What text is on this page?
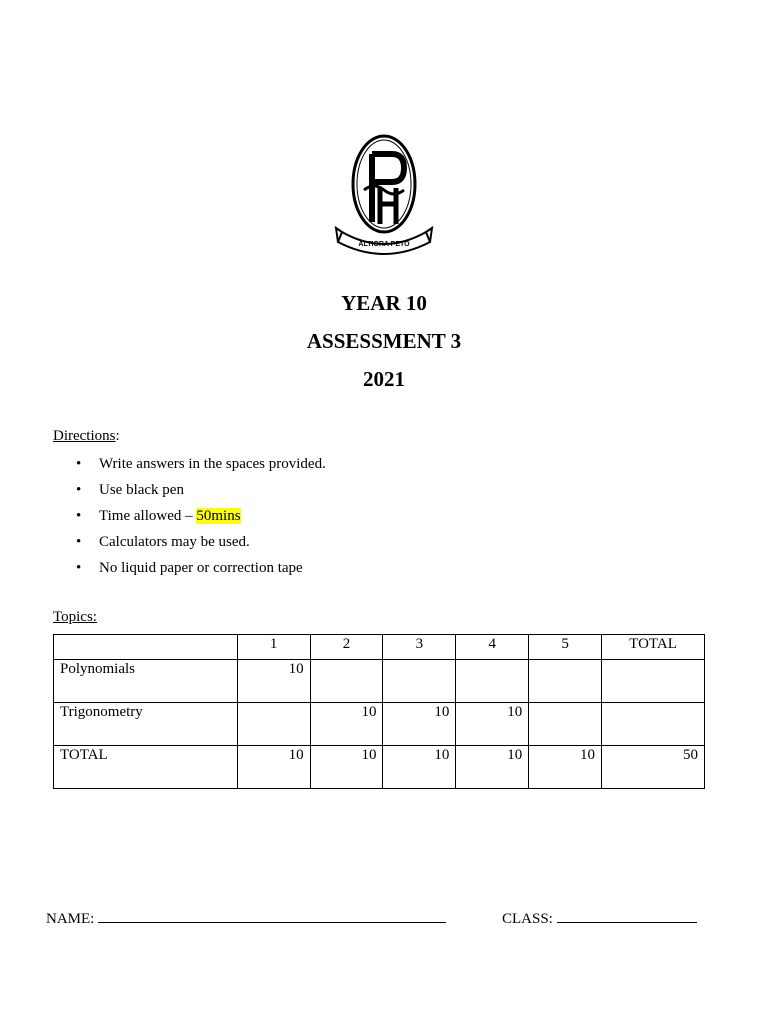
ALTIORA PETO
YEAR 10
ASSESSMENT 3
2021
Directions:
• Write answers in the spaces provided.
• Use black pen
• Time allowed – 50mins
• Calculators may be used.
• No liquid paper or correction tape
Topics:
	1	2	3	4	5	TOTAL
Polynomials	10					
Trigonometry		10	10	10		
TOTAL	10	10	10	10	10	50
NAME:	CLASS:
